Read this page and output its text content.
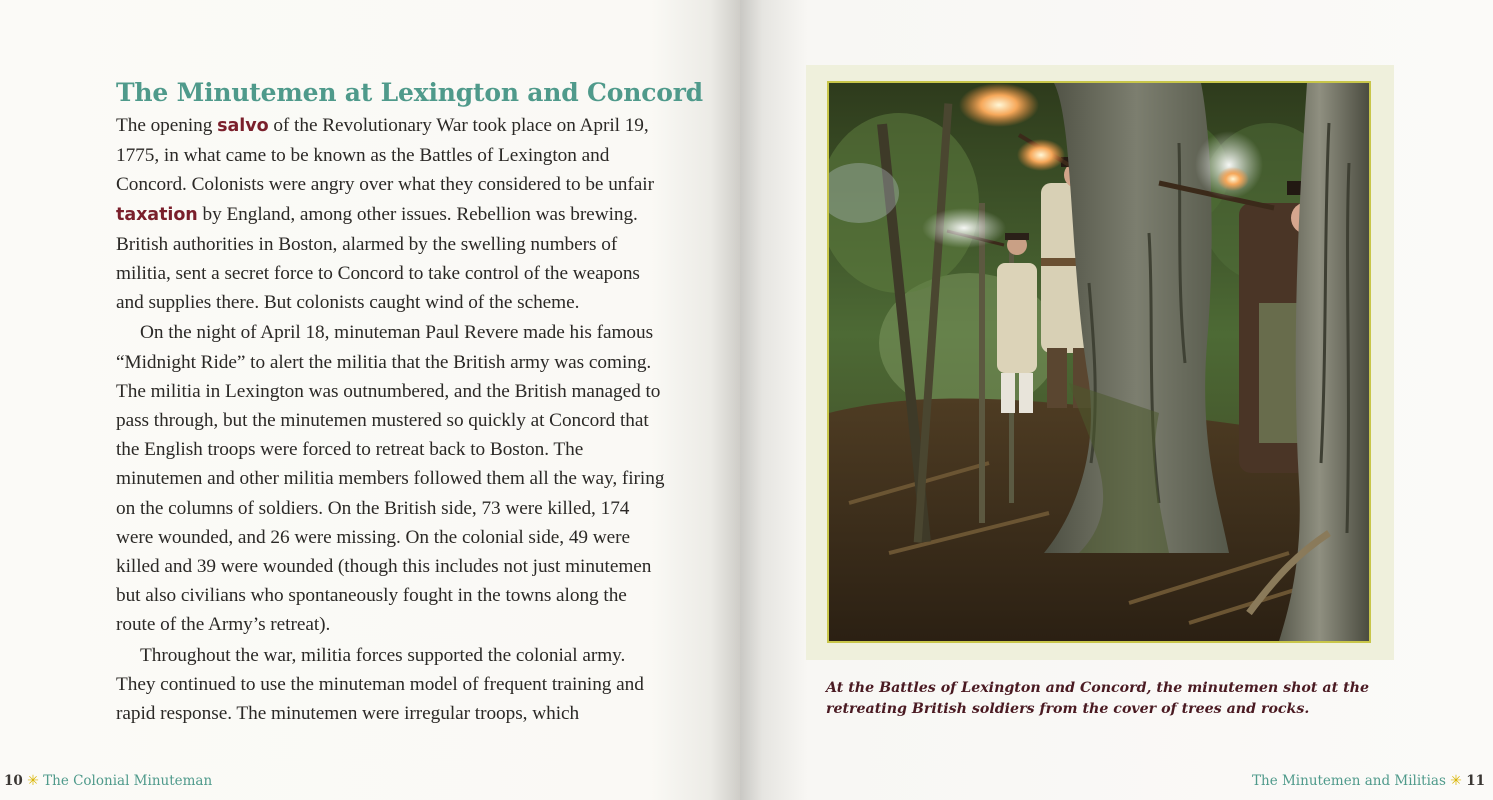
The Minutemen at Lexington and Concord

The opening salvo of the Revolutionary War took place on April 19, 1775, in what came to be known as the Battles of Lexington and Concord. Colonists were angry over what they considered to be unfair taxation by England, among other issues. Rebellion was brewing. British authorities in Boston, alarmed by the swelling numbers of militia, sent a secret force to Concord to take control of the weapons and supplies there. But colonists caught wind of the scheme.

On the night of April 18, minuteman Paul Revere made his famous “Midnight Ride” to alert the militia that the British army was coming. The militia in Lexington was outnumbered, and the British managed to pass through, but the minutemen mustered so quickly at Concord that the English troops were forced to retreat back to Boston. The minutemen and other militia members followed them all the way, firing on the columns of soldiers. On the British side, 73 were killed, 174 were wounded, and 26 were missing. On the colonial side, 49 were killed and 39 were wounded (though this includes not just minutemen but also civilians who spontaneously fought in the towns along the route of the Army’s retreat).

Throughout the war, militia forces supported the colonial army. They continued to use the minuteman model of frequent training and rapid response. The minutemen were irregular troops, which

10 ✳ The Colonial Minuteman

At the Battles of Lexington and Concord, the minutemen shot at the retreating British soldiers from the cover of trees and rocks.

The Minutemen and Militias ✳ 11
